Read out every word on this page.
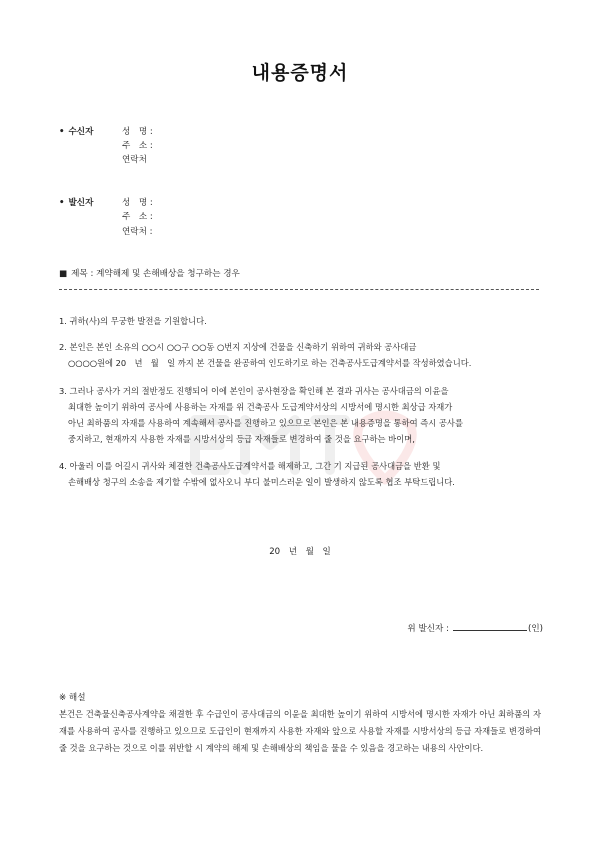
내용증명서
• 수신자	성　명 :
주　소 :
연락처
• 발신자	성　명 :
주　소 :
연락처 :
■ 제목 : 계약해제 및 손해배상을 청구하는 경우
1. 귀하(사)의 무궁한 발전을 기원합니다.
2. 본인은 본인 소유의 ○○시 ○○구 ○○동 ○번지 지상에 건물을 신축하기 위하여 귀하와 공사대금
○○○○원에 20　년　월　일 까지 본 건물을 완공하여 인도하기로 하는 건축공사도급계약서를 작성하였습니다.
3. 그러나 공사가 거의 절반정도 진행되어 이에 본인이 공사현장을 확인해 본 결과 귀사는 공사대금의 이윤을
최대한 높이기 위하여 공사에 사용하는 자재를 위 건축공사 도급계약서상의 시방서에 명시한 최상급 자재가
아닌 최하품의 자재를 사용하여 계속해서 공사를 진행하고 있으므로 본인은 본 내용증명을 통하여 즉시 공사를
중지하고, 현재까지 사용한 자재를 시방서상의 등급 자재들로 변경하여 줄 것을 요구하는 바이며,
4. 아울러 이를 어길시 귀사와 체결한 건축공사도급계약서를 해제하고, 그간 기 지급된 공사대금을 반환 및
손해배상 청구의 소송을 제기할 수밖에 없사오니 부디 불미스러운 일이 발생하지 않도록 협조 부탁드립니다.
20　년　월　일
위 발신자 :	(인)
※ 해설
본건은 건축물신축공사계약을 채결한 후 수급인이 공사대금의 이윤을 최대한 높이기 위하여 시방서에 명시한 자재가 아닌 최하품의 자재를 사용하여 공사를 진행하고 있으므로 도급인이 현재까지 사용한 자재와 앞으로 사용할 자재를 시방서상의 등급 자재들로 변경하여 줄 것을 요구하는 것으로 이를 위반할 시 계약의 해제 및 손해배상의 책임을 물을 수 있음을 경고하는 내용의 사안이다.
